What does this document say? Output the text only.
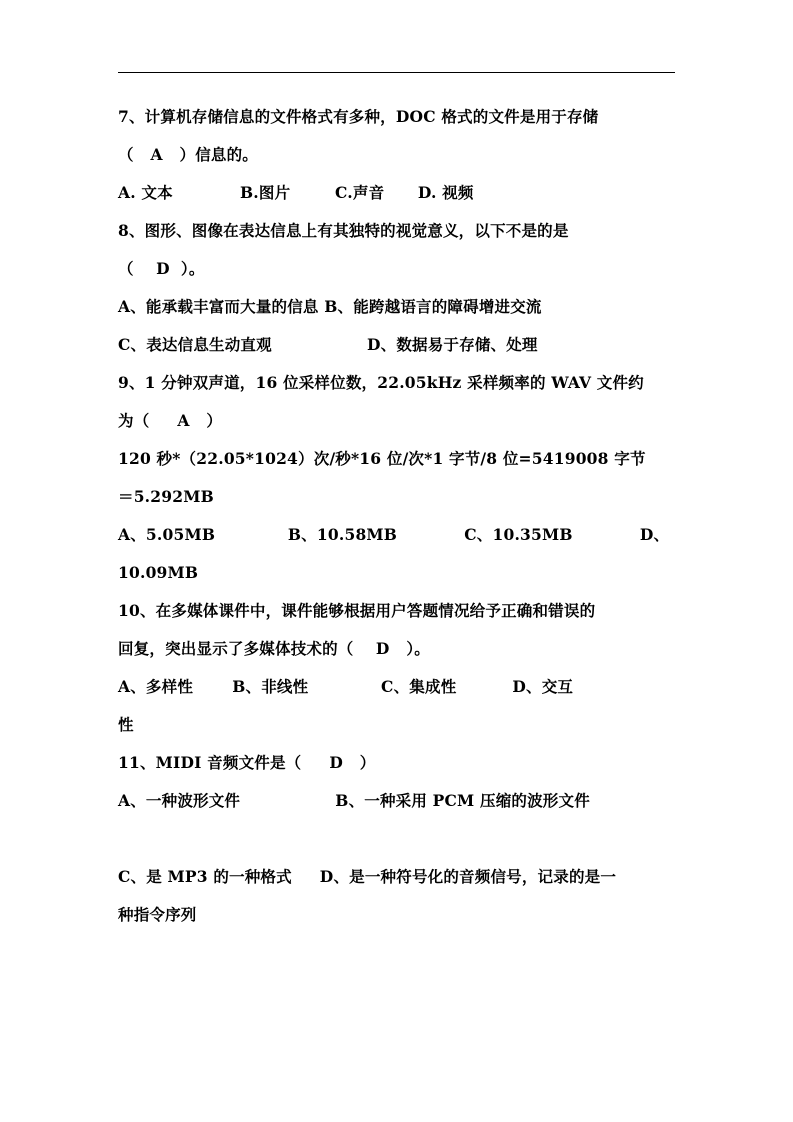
7、计算机存储信息的文件格式有多种，DOC 格式的文件是用于存储
（   A   ）信息的。
A. 文本            B.图片        C.声音      D. 视频
8、图形、图像在表达信息上有其独特的视觉意义，以下不是的是
（    D  ）。
A、能承载丰富而大量的信息 B、能跨越语言的障碍增进交流
C、表达信息生动直观                 D、数据易于存储、处理
9、1 分钟双声道，16 位采样位数，22.05kHz 采样频率的 WAV 文件约
为（     A   ）
120 秒*（22.05*1024）次/秒*16 位/次*1 字节/8 位=5419008 字节
＝5.292MB
A、5.05MB             B、10.58MB            C、10.35MB            D、
10.09MB
10、在多媒体课件中，课件能够根据用户答题情况给予正确和错误的
回复，突出显示了多媒体技术的（    D   ）。
A、多样性       B、非线性             C、集成性          D、交互
性
11、MIDI 音频文件是（     D   ）
A、一种波形文件                 B、一种采用 PCM 压缩的波形文件
C、是 MP3 的一种格式     D、是一种符号化的音频信号，记录的是一
种指令序列
